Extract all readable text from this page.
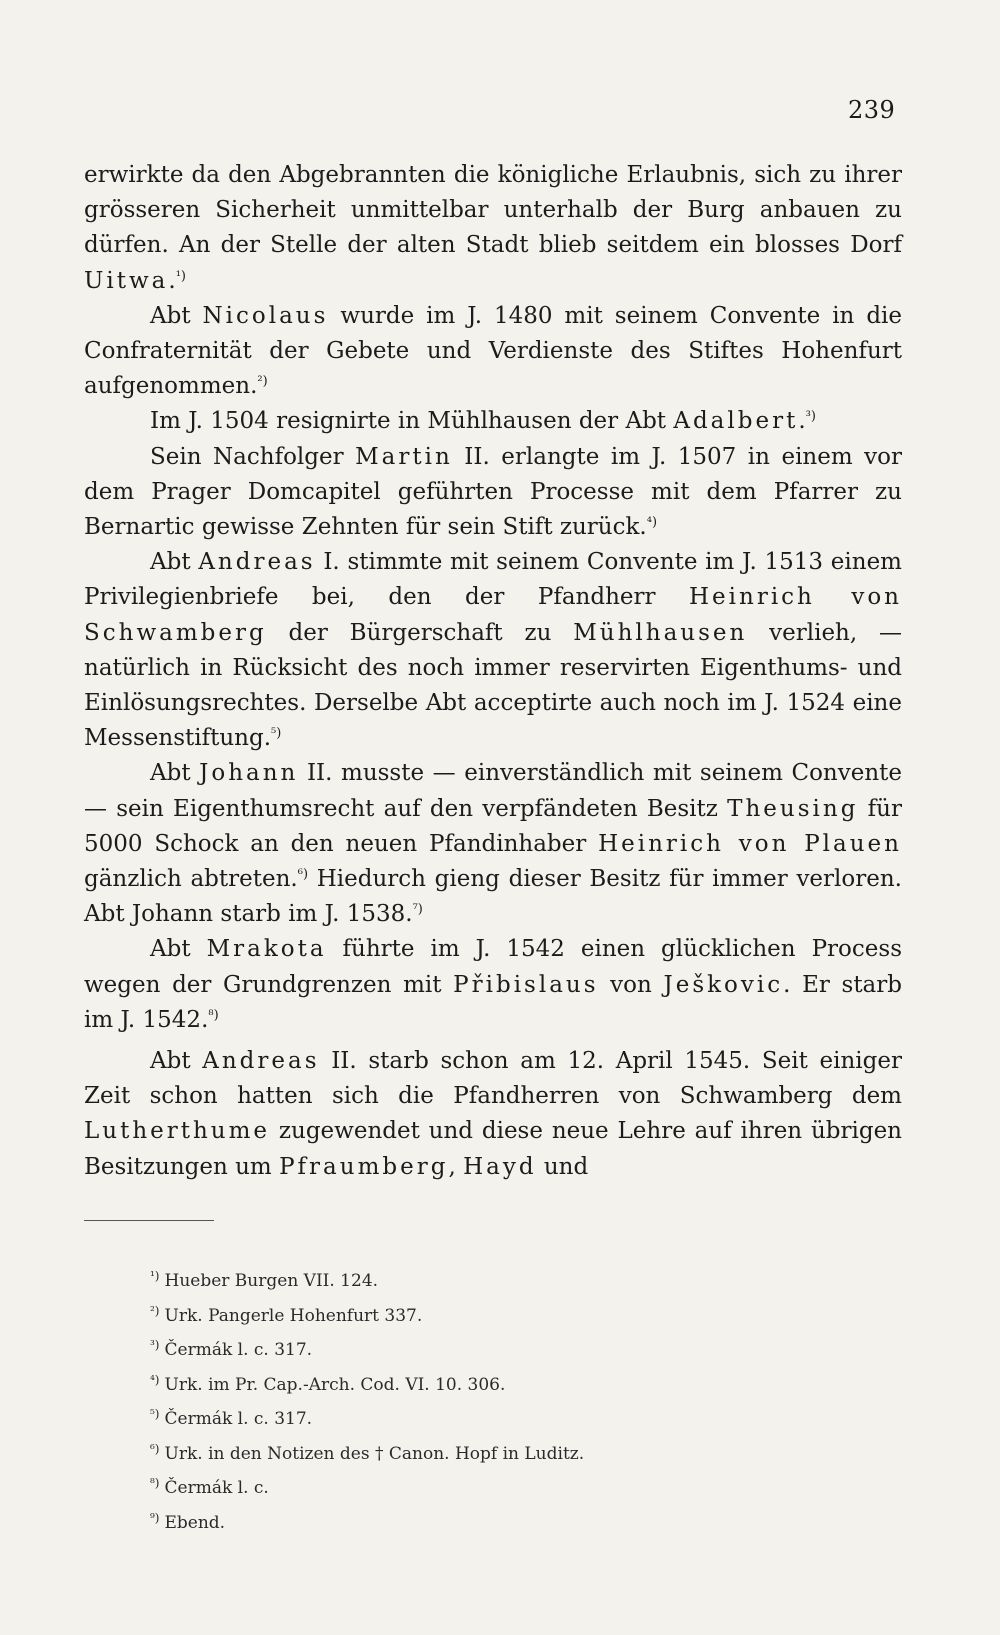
239

erwirkte da den Abgebrannten die königliche Erlaubnis, sich zu ihrer grösseren Sicherheit unmittelbar unterhalb der Burg anbauen zu dürfen. An der Stelle der alten Stadt blieb seitdem ein blosses Dorf Uitwa.$^{^1)}$

Abt Nicolaus wurde im J. 1480 mit seinem Convente in die Confraternität der Gebete und Verdienste des Stiftes Hohenfurt aufgenommen.$^{^2)}$

Im J. 1504 resignirte in Mühlhausen der Abt Adalbert.$^{^3)}$

Sein Nachfolger Martin II. erlangte im J. 1507 in einem vor dem Prager Domcapitel geführten Processe mit dem Pfarrer zu Bernartic gewisse Zehnten für sein Stift zurück.$^{^4)}$

Abt Andreas I. stimmte mit seinem Convente im J. 1513 einem Privilegienbriefe bei, den der Pfandherr Heinrich von Schwamberg der Bürgerschaft zu Mühlhausen verlieh, — natürlich in Rücksicht des noch immer reservirten Eigenthums- und Einlösungsrechtes. Derselbe Abt acceptirte auch noch im J. 1524 eine Messenstiftung.$^{^5)}$

Abt Johann II. musste — einverständlich mit seinem Convente — sein Eigenthumsrecht auf den verpfändeten Besitz Theusing für 5000 Schock an den neuen Pfandinhaber Heinrich von Plauen gänzlich abtreten.$^{^6)}$ Hiedurch gieng dieser Besitz für immer verloren. Abt Johann starb im J. 1538.$^{^7)}$

Abt Mrakota führte im J. 1542 einen glücklichen Process wegen der Grundgrenzen mit Přibislaus von Ješkovic. Er starb im J. 1542.$^{^8)}$

Abt Andreas II. starb schon am 12. April 1545. Seit einiger Zeit schon hatten sich die Pfandherren von Schwamberg dem Lutherthume zugewendet und diese neue Lehre auf ihren übrigen Besitzungen um Pfraumberg, Hayd und

$^{^1)}$ Hueber Burgen VII. 124.

$^{^2)}$ Urk. Pangerle Hohenfurt 337.

$^{^3)}$ Čermák l. c. 317.

$^{^4)}$ Urk. im Pr. Cap.-Arch. Cod. VI. 10. 306.

$^{^5)}$ Čermák l. c. 317.

$^{^6)}$ Urk. in den Notizen des † Canon. Hopf in Luditz.

$^{^8)}$ Čermák l. c.

$^{^9)}$ Ebend.
